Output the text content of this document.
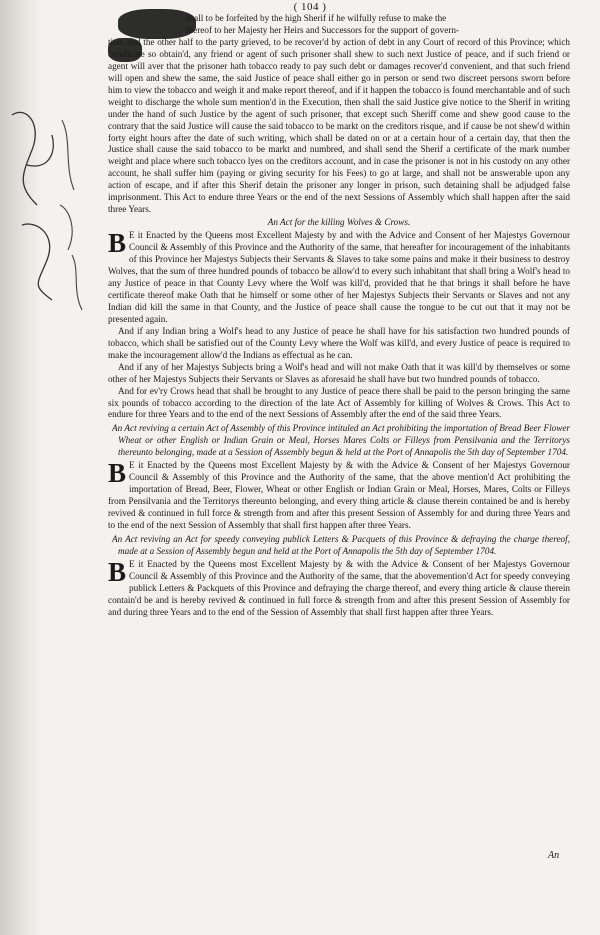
( 104 )

shall to be forfeited by the high Sherif if he wilfully refuse to make the

thereof to her Majesty her Heirs and Successors for the support of govern-

tion, and the other half to the party grieved, to be recover'd by action of debt in any Court of record of this Province; which certificate so obtain'd, any friend or agent of such prisoner shall shew to such next Justice of peace, and if such friend or agent will aver that the prisoner hath tobacco ready to pay such debt or damages recover'd convenient, and that such friend will open and shew the same, the said Justice of peace shall either go in person or send two discreet persons sworn before him to view the tobacco and weigh it and make report thereof, and if it happen the tobacco is found merchantable and of such weight to discharge the whole sum mention'd in the Execution, then shall the said Justice give notice to the Sherif in writing under the hand of such Justice by the agent of such prisoner, that except such Sheriff come and shew good cause to the contrary that the said Justice will cause the said tobacco to be markt on the creditors risque, and if cause be not shew'd within forty eight hours after the date of such writing, which shall be dated on or at a certain hour of a certain day, that then the Justice shall cause the said tobacco to be markt and numbred, and shall send the Sherif a certificate of the mark number weight and place where such tobacco lyes on the creditors account, and in case the prisoner is not in his custody on any other account, he shall suffer him (paying or giving security for his Fees) to go at large, and shall not be answerable upon any action of escape, and if after this Sherif detain the prisoner any longer in prison, such detaining shall be adjudged false imprisonment. This Act to endure three Years or the end of the next Sessions of Assembly which shall happen after the said three Years.

An Act for the killing Wolves & Crows.

B E it Enacted by the Queens most Excellent Majesty by and with the Advice and Consent of her Majestys Governour Council & Assembly of this Province and the Authority of the same, that hereafter for incouragement of the inhabitants of this Province her Majestys Subjects their Servants & Slaves to take some pains and make it their business to destroy Wolves, that the sum of three hundred pounds of tobacco be allow'd to every such inhabitant that shall bring a Wolf's head to any Justice of peace in that County Levy where the Wolf was kill'd, provided that he that brings it shall before he have certificate thereof make Oath that he himself or some other of her Majestys Subjects their Servants or Slaves and not any Indian did kill the same in that County, and the Justice of peace shall cause the tongue to be cut out that it may not be presented again.

And if any Indian bring a Wolf's head to any Justice of peace he shall have for his satisfaction two hundred pounds of tobacco, which shall be satisfied out of the County Levy where the Wolf was kill'd, and every Justice of peace is required to make the incouragement allow'd the Indians as effectual as he can.

And if any of her Majestys Subjects bring a Wolf's head and will not make Oath that it was kill'd by themselves or some other of her Majestys Subjects their Servants or Slaves as aforesaid he shall have but two hundred pounds of tobacco.

And for ev'ry Crows head that shall be brought to any Justice of peace there shall be paid to the person bringing the same six pounds of tobacco according to the direction of the late Act of Assembly for killing of Wolves & Crows. This Act to endure for three Years and to the end of the next Sessions of Assembly after the end of the said three Years.

An Act reviving a certain Act of Assembly of this Province intituled an Act prohibiting the importation of Bread Beer Flower Wheat or other English or Indian Grain or Meal, Horses Mares Colts or Filleys from Pensilvania and the Territorys thereunto belonging, made at a Session of Assembly begun & held at the Port of Annapolis the 5th day of September 1704.

B E it Enacted by the Queens most Excellent Majesty by & with the Advice & Consent of her Majestys Governour Council & Assembly of this Province and the Authority of the same, that the above mention'd Act prohibiting the importation of Bread, Beer, Flower, Wheat or other English or Indian Grain or Meal, Horses, Mares, Colts or Filleys from Pensilvania and the Territorys thereunto belonging, and every thing article & clause therein contained be and is hereby revived & continued in full force & strength from and after this present Session of Assembly for and during three Years and to the end of the next Session of Assembly that shall first happen after three Years.

An Act reviving an Act for speedy conveying publick Letters & Pacquets of this Province & defraying the charge thereof, made at a Session of Assembly begun and held at the Port of Annapolis the 5th day of September 1704.

B E it Enacted by the Queens most Excellent Majesty by & with the Advice & Consent of her Majestys Governour Council & Assembly of this Province and the Authority of the same, that the abovemention'd Act for speedy conveying publick Letters & Packquets of this Province and defraying the charge thereof, and every thing article & clause therein contain'd be and is hereby revived & continued in full force & strength from and after this present Session of Assembly for and during three Years and to the end of the Session of Assembly that shall first happen after three Years.

An
